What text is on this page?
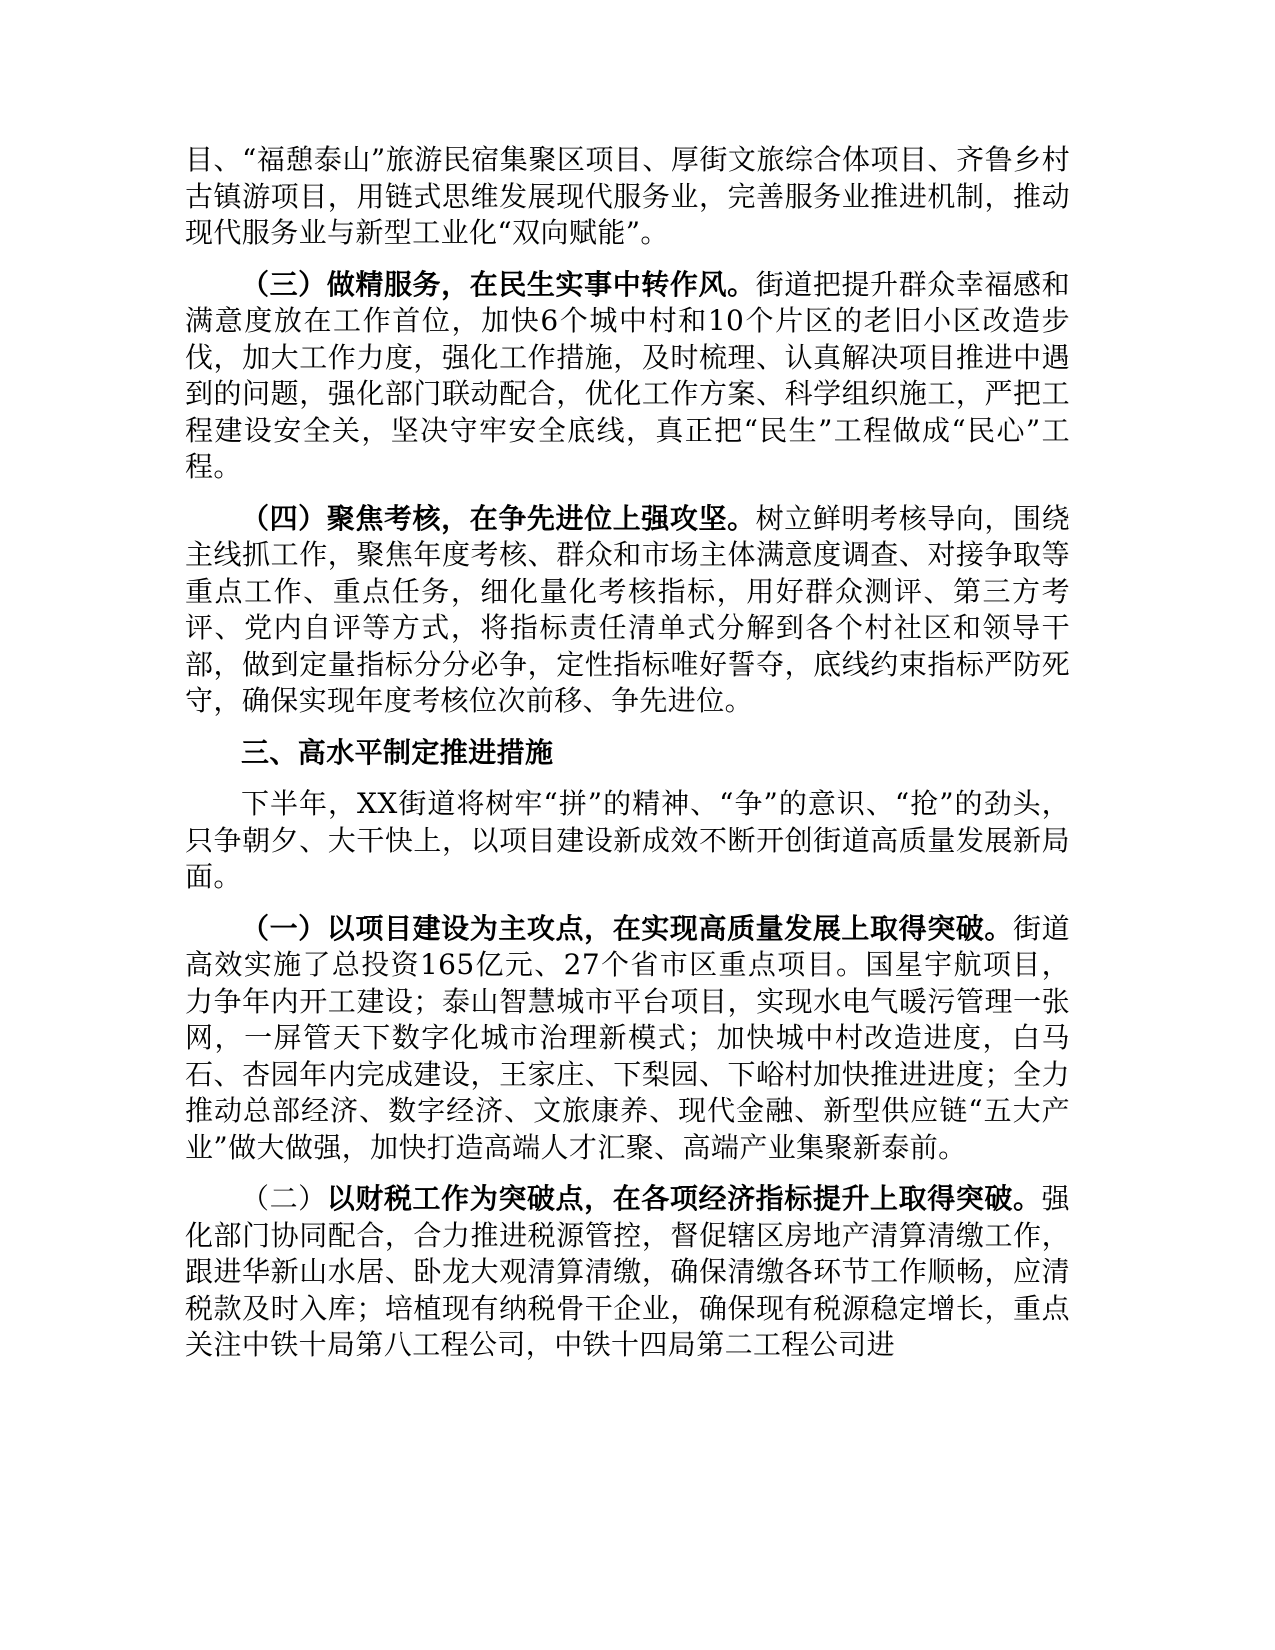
目、“福憩泰山”旅游民宿集聚区项目、厚街文旅综合体项目、齐鲁乡村古镇游项目，用链式思维发展现代服务业，完善服务业推进机制，推动现代服务业与新型工业化“双向赋能”。

（三）做精服务，在民生实事中转作风。街道把提升群众幸福感和满意度放在工作首位，加快6个城中村和10个片区的老旧小区改造步伐，加大工作力度，强化工作措施，及时梳理、认真解决项目推进中遇到的问题，强化部门联动配合，优化工作方案、科学组织施工，严把工程建设安全关，坚决守牢安全底线，真正把“民生”工程做成“民心”工程。

（四）聚焦考核，在争先进位上强攻坚。树立鲜明考核导向，围绕主线抓工作，聚焦年度考核、群众和市场主体满意度调查、对接争取等重点工作、重点任务，细化量化考核指标，用好群众测评、第三方考评、党内自评等方式，将指标责任清单式分解到各个村社区和领导干部，做到定量指标分分必争，定性指标唯好誓夺，底线约束指标严防死守，确保实现年度考核位次前移、争先进位。

三、高水平制定推进措施

下半年，XX街道将树牢“拼”的精神、“争”的意识、“抢”的劲头，只争朝夕、大干快上，以项目建设新成效不断开创街道高质量发展新局面。

（一）以项目建设为主攻点，在实现高质量发展上取得突破。街道高效实施了总投资165亿元、27个省市区重点项目。国星宇航项目，力争年内开工建设；泰山智慧城市平台项目，实现水电气暖污管理一张网，一屏管天下数字化城市治理新模式；加快城中村改造进度，白马石、杏园年内完成建设，王家庄、下梨园、下峪村加快推进进度；全力推动总部经济、数字经济、文旅康养、现代金融、新型供应链“五大产业”做大做强，加快打造高端人才汇聚、高端产业集聚新泰前。

（二）以财税工作为突破点，在各项经济指标提升上取得突破。强化部门协同配合，合力推进税源管控，督促辖区房地产清算清缴工作，跟进华新山水居、卧龙大观清算清缴，确保清缴各环节工作顺畅，应清税款及时入库；培植现有纳税骨干企业，确保现有税源稳定增长，重点关注中铁十局第八工程公司，中铁十四局第二工程公司进
